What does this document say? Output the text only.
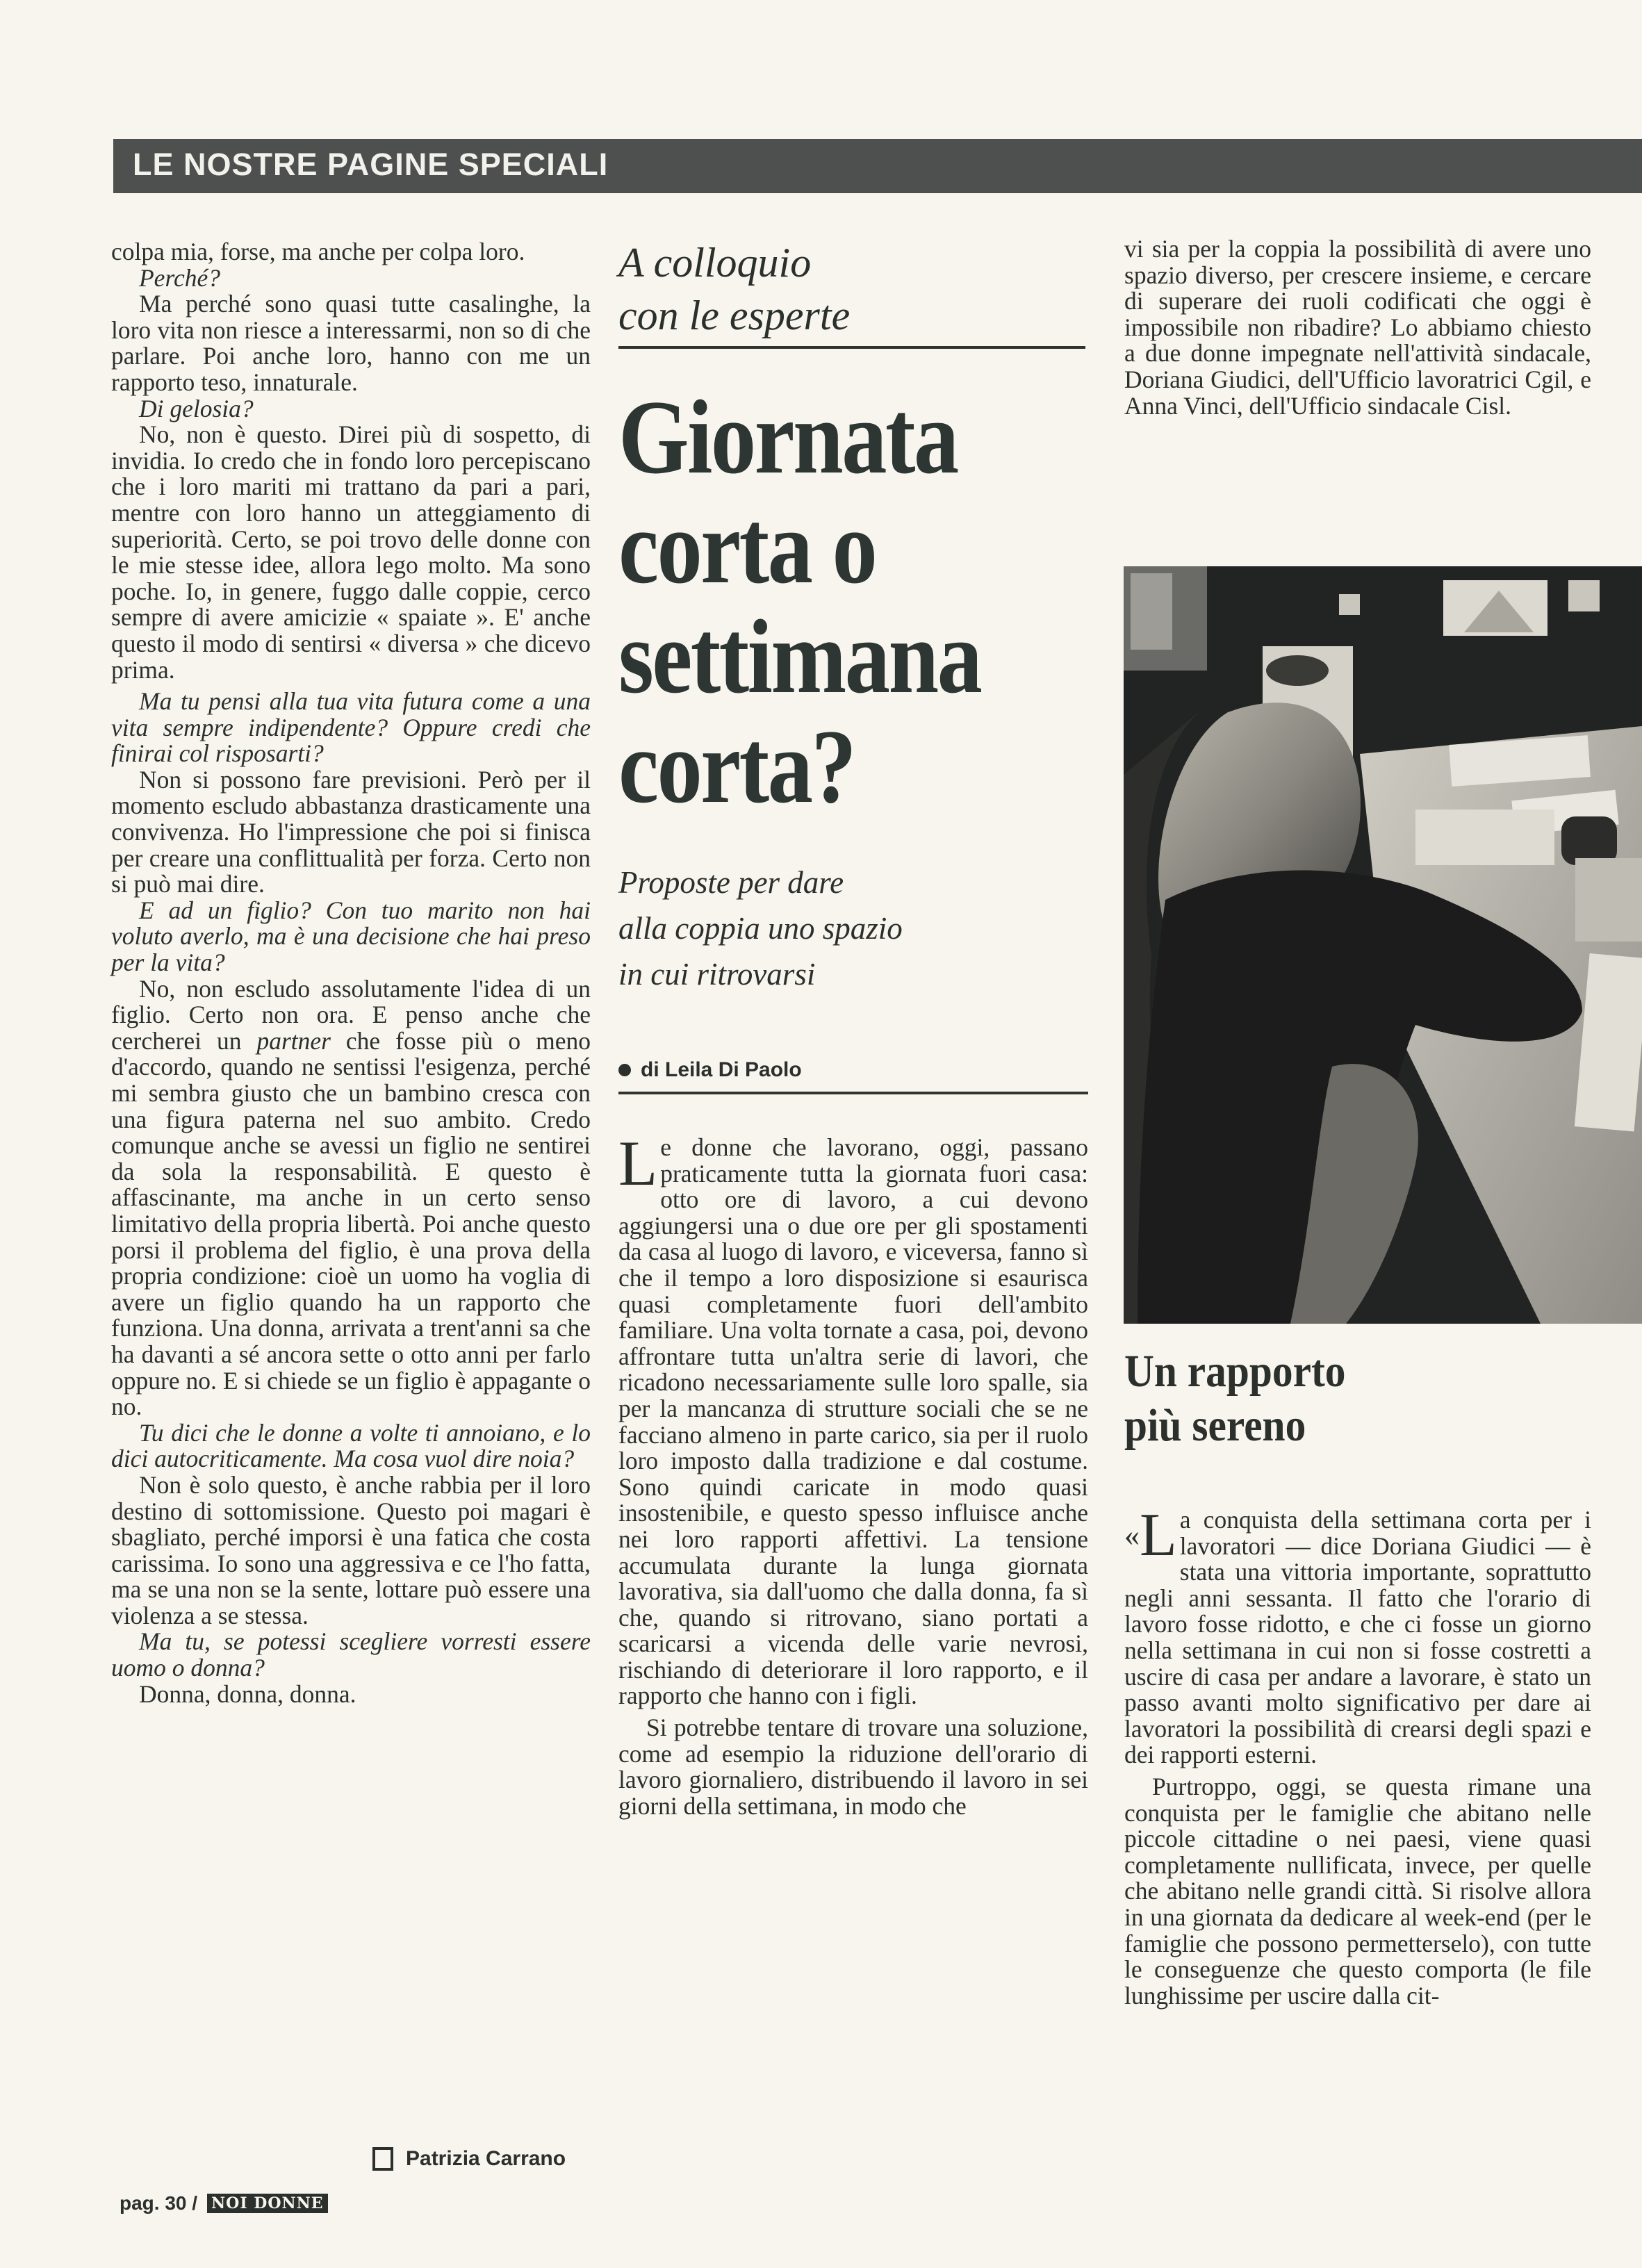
LE NOSTRE PAGINE SPECIALI

colpa mia, forse, ma anche per colpa loro.

Perché?

Ma perché sono quasi tutte casalinghe, la loro vita non riesce a interessarmi, non so di che parlare. Poi anche loro, hanno con me un rapporto teso, innaturale.

Di gelosia?

No, non è questo. Direi più di sospetto, di invidia. Io credo che in fondo loro percepiscano che i loro mariti mi trattano da pari a pari, mentre con loro hanno un atteggiamento di superiorità. Certo, se poi trovo delle donne con le mie stesse idee, allora lego molto. Ma sono poche. Io, in genere, fuggo dalle coppie, cerco sempre di avere amicizie « spaiate ». E' anche questo il modo di sentirsi « diversa » che dicevo prima.

Ma tu pensi alla tua vita futura come a una vita sempre indipendente? Oppure credi che finirai col risposarti?

Non si possono fare previsioni. Però per il momento escludo abbastanza drasticamente una convivenza. Ho l'impressione che poi si finisca per creare una conflittualità per forza. Certo non si può mai dire.

E ad un figlio? Con tuo marito non hai voluto averlo, ma è una decisione che hai preso per la vita?

No, non escludo assolutamente l'idea di un figlio. Certo non ora. E penso anche che cercherei un partner che fosse più o meno d'accordo, quando ne sentissi l'esigenza, perché mi sembra giusto che un bambino cresca con una figura paterna nel suo ambito. Credo comunque anche se avessi un figlio ne sentirei da sola la responsabilità. E questo è affascinante, ma anche in un certo senso limitativo della propria libertà. Poi anche questo porsi il problema del figlio, è una prova della propria condizione: cioè un uomo ha voglia di avere un figlio quando ha un rapporto che funziona. Una donna, arrivata a trent'anni sa che ha davanti a sé ancora sette o otto anni per farlo oppure no. E si chiede se un figlio è appagante o no.

Tu dici che le donne a volte ti annoiano, e lo dici autocriticamente. Ma cosa vuol dire noia?

Non è solo questo, è anche rabbia per il loro destino di sottomissione. Questo poi magari è sbagliato, perché imporsi è una fatica che costa carissima. Io sono una aggressiva e ce l'ho fatta, ma se una non se la sente, lottare può essere una violenza a se stessa.

Ma tu, se potessi scegliere vorresti essere uomo o donna?

Donna, donna, donna.

Patrizia Carrano

A colloquio

con le esperte

Giornata

corta o

settimana

corta?

Proposte per dare

alla coppia uno spazio

in cui ritrovarsi

di Leila Di Paolo

Le donne che lavorano, oggi, passano praticamente tutta la giornata fuori casa: otto ore di lavoro, a cui devono aggiungersi una o due ore per gli spostamenti da casa al luogo di lavoro, e viceversa, fanno sì che il tempo a loro disposizione si esaurisca quasi completamente fuori dell'ambito familiare. Una volta tornate a casa, poi, devono affrontare tutta un'altra serie di lavori, che ricadono necessariamente sulle loro spalle, sia per la mancanza di strutture sociali che se ne facciano almeno in parte carico, sia per il ruolo loro imposto dalla tradizione e dal costume. Sono quindi caricate in modo quasi insostenibile, e questo spesso influisce anche nei loro rapporti affettivi. La tensione accumulata durante la lunga giornata lavorativa, sia dall'uomo che dalla donna, fa sì che, quando si ritrovano, siano portati a scaricarsi a vicenda delle varie nevrosi, rischiando di deteriorare il loro rapporto, e il rapporto che hanno con i figli.

Si potrebbe tentare di trovare una soluzione, come ad esempio la riduzione dell'orario di lavoro giornaliero, distribuendo il lavoro in sei giorni della settimana, in modo che

vi sia per la coppia la possibilità di avere uno spazio diverso, per crescere insieme, e cercare di superare dei ruoli codificati che oggi è impossibile non ribadire? Lo abbiamo chiesto a due donne impegnate nell'attività sindacale, Doriana Giudici, dell'Ufficio lavoratrici Cgil, e Anna Vinci, dell'Ufficio sindacale Cisl.

Un rapporto

più sereno

«L a conquista della settimana corta per i lavoratori — dice Doriana Giudici — è stata una vittoria importante, soprattutto negli anni sessanta. Il fatto che l'orario di lavoro fosse ridotto, e che ci fosse un giorno nella settimana in cui non si fosse costretti a uscire di casa per andare a lavorare, è stato un passo avanti molto significativo per dare ai lavoratori la possibilità di crearsi degli spazi e dei rapporti esterni.

Purtroppo, oggi, se questa rimane una conquista per le famiglie che abitano nelle piccole cittadine o nei paesi, viene quasi completamente nullificata, invece, per quelle che abitano nelle grandi città. Si risolve allora in una giornata da dedicare al week-end (per le famiglie che possono permetterselo), con tutte le conseguenze che questo comporta (le file lunghissime per uscire dalla cit-

pag. 30 / NOI DONNE
